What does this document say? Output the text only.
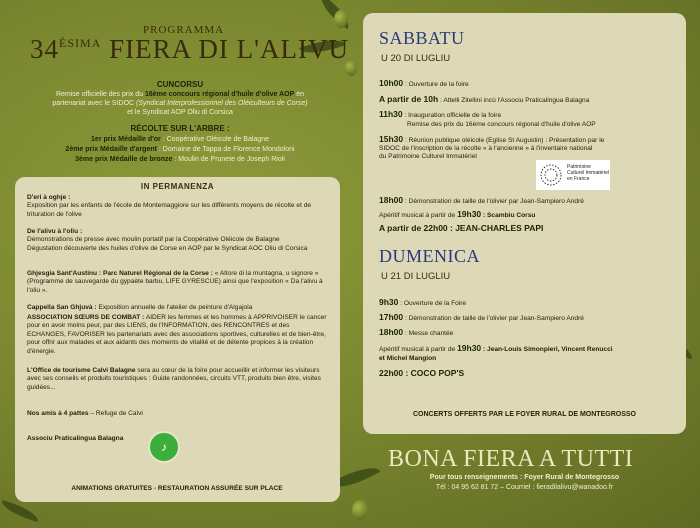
PROGRAMMA
$34^{ÈSIMA}$ FIERA DI L'ALIVU
CUNCORSU
Remise officielle des prix du 16ème concours régional d'huile d'olive AOP en
partenariat avec le SIDOC (Syndicat Interprofessionnel des Oléiculteurs de Corse)
et le Syndicat AOP Oliu di Corsica
RÉCOLTE SUR L'ARBRE :
1er prix Médaille d'or : Coopérative Oléicole de Balagne
2ème prix Médaille d'argent : Domaine de Tappa de Florence Mondoloni
3ème prix Médaille de bronze : Moulin de Prunete de Joseph Rioli
IN PERMANENZA
D'eri à oghje :
Exposition par les enfants de l'école de Montemaggiore sur les différents moyens de récolte et de trituration de l'olive
De l'alivu à l'oliu :
Démonstrations de presse avec moulin portatif par la Coopérative Oléicole de Balagne
Dégustation découverte des huiles d'olive de Corse en AOP par le Syndicat AOC Oliu di Corsica
Ghjesgia Sant'Austinu : Parc Naturel Régional de la Corse : « Altore di la muntagna, u signore » (Programme de sauvegarde du gypaète barbu, LIFE GYRESCUE) ainsi que l'exposition « Da l'alivu à l'oliu ».
Cappella San Ghjuvà : Exposition annuelle de l'atelier de peinture d'Algajola
ASSOCIATION SŒURS DE COMBAT : AIDER les femmes et les hommes à APPRIVOISER le cancer pour en avoir moins peur, par des LIENS, de l'INFORMATION, des RENCONTRES et des ECHANGES, FAVORISER les partenariats avec des associations sportives, culturelles et de bien-être, pour offrir aux malades et aux aidants des moments de vitalité et de détente propices à la création d'énergie.
L'Office de tourisme Calvi Balagne sera au cœur de la foire pour accueillir et informer les visiteurs avec ses conseils et produits touristiques : Guide randonnées, circuits VTT, produits bien être, visites guidées...
Nos amis à 4 pattes – Refuge de Calvi
Associu Praticalingua Balagna
ANIMATIONS GRATUITES - RESTAURATION ASSURÉE SUR PLACE
♪
SABBATU
U 20 DI LUGLIU
10h00 : Ouverture de la foire
A partir de 10h : Attelli Zitellini incù l'Associu Praticalingua Balagna
11h30 : Inauguration officielle de la foire
Remise des prix du 16ème concours régional d'huile d'olive AOP
15h30 : Réunion publique oléicole (Eglise St Augustin) : Présentation par le
SIDOC de l'inscription de la récolte « à l'ancienne » à l'inventaire national
du Patrimoine Culturel Immatériel
18h00 : Démonstration de taille de l'olivier par Jean-Sampiero André
Apéritif musical à partir de 19h30 : Scambiu Corsu
A partir de 22h00 : JEAN-CHARLES PAPI
DUMENICA
U 21 DI LUGLIU
9h30 : Ouverture de la Foire
17h00 : Démonstration de taille de l'olivier par Jean-Sampiero André
18h00 : Messe chantée
Apéritif musical à partir de 19h30 : Jean-Louis Simonpieri, Vincent Renucci
et Michel Mangion
22h00 : COCO POP'S
CONCERTS OFFERTS PAR LE FOYER RURAL DE MONTEGROSSO
Patrimoine Culturel Immatériel en France
BONA FIERA A TUTTI
Pour tous renseignements : Foyer Rural de Montegrosso
Tél : 04 95 62 81 72 – Courriel : fieradilalivu@wanadoo.fr
